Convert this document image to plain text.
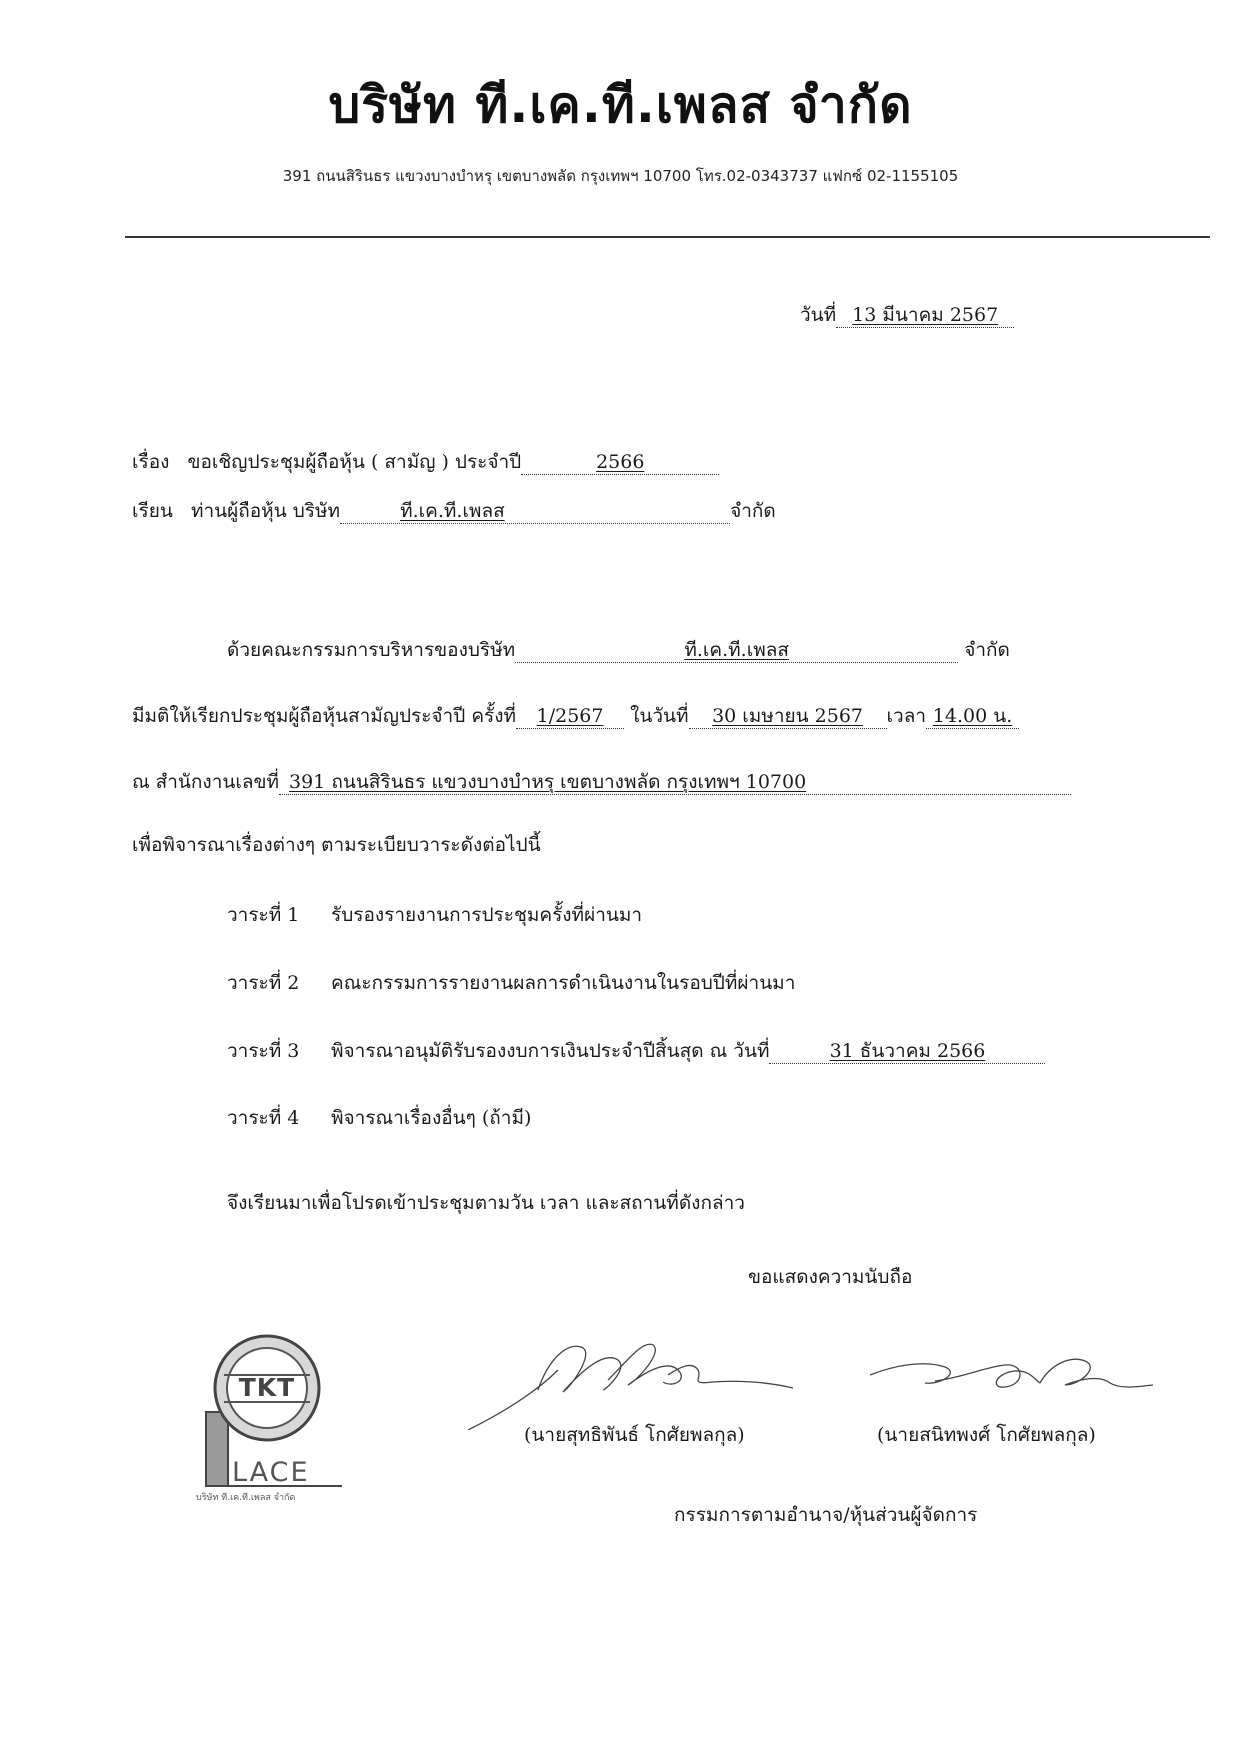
บริษัท ที.เค.ที.เพลส จำกัด
391 ถนนสิรินธร แขวงบางบำหรุ เขตบางพลัด กรุงเทพฯ 10700 โทร.02-0343737 แฟกซ์ 02-1155105
วันที่ 13 มีนาคม 2567
เรื่อง ขอเชิญประชุมผู้ถือหุ้น ( สามัญ ) ประจำปี	2566
เรียน ท่านผู้ถือหุ้น บริษัท	ที.เค.ที.เพลส	จำกัด
ด้วยคณะกรรมการบริหารของบริษัท	ที.เค.ที.เพลส	จำกัด
มีมติให้เรียกประชุมผู้ถือหุ้นสามัญประจำปี ครั้งที่ 1/2567 ในวันที่ 30 เมษายน 2567 เวลา 14.00 น.
ณ สำนักงานเลขที่ 391 ถนนสิรินธร แขวงบางบำหรุ เขตบางพลัด กรุงเทพฯ 10700
เพื่อพิจารณาเรื่องต่างๆ ตามระเบียบวาระดังต่อไปนี้
วาระที่ 1 รับรองรายงานการประชุมครั้งที่ผ่านมา
วาระที่ 2 คณะกรรมการรายงานผลการดำเนินงานในรอบปีที่ผ่านมา
วาระที่ 3 พิจารณาอนุมัติรับรองงบการเงินประจำปีสิ้นสุด ณ วันที่	31 ธันวาคม 2566
วาระที่ 4 พิจารณาเรื่องอื่นๆ (ถ้ามี)
จึงเรียนมาเพื่อโปรดเข้าประชุมตามวัน เวลา และสถานที่ดังกล่าว
ขอแสดงความนับถือ
TKT
LACE
บริษัท ที.เค.ที.เพลส จำกัด
(นายสุทธิพันธ์ โกศัยพลกุล)	(นายสนิทพงศ์ โกศัยพลกุล)
กรรมการตามอำนาจ/หุ้นส่วนผู้จัดการ
